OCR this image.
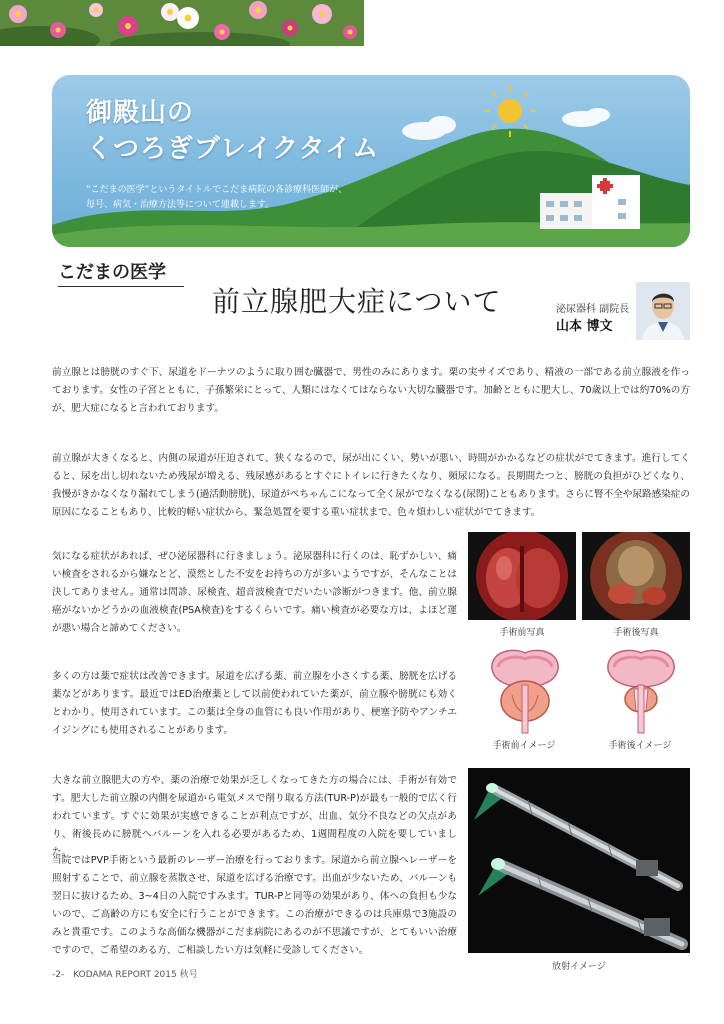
御殿山の
くつろぎブレイクタイム

“こだまの医学”というタイトルでこだま病院の各診療科医師が、
毎号、病気・治療方法等について連載します。

こだまの医学
前立腺肥大症について	泌尿器科 副院長

山本 博文

前立腺とは膀胱のすぐ下、尿道をドーナツのように取り囲む臓器で、男性のみにあります。栗の実サイズであり、精液の一部である前立腺液を作っております。女性の子宮とともに、子孫繁栄にとって、人類にはなくてはならない大切な臓器です。加齢とともに肥大し、70歳以上では約70%の方が、肥大症になると言われております。

前立腺が大きくなると、内側の尿道が圧迫されて、狭くなるので、尿が出にくい、勢いが悪い、時間がかかるなどの症状がでてきます。進行してくると、尿を出し切れないため残尿が増える、残尿感があるとすぐにトイレに行きたくなり、頻尿になる。長期間たつと、膀胱の負担がひどくなり、我慢がきかなくなり漏れてしまう(過活動膀胱)、尿道がぺちゃんこになって全く尿がでなくなる(尿閉)こともあります。さらに腎不全や尿路感染症の原因になることもあり、比較的軽い症状から、緊急処置を要する重い症状まで、色々煩わしい症状がでてきます。

気になる症状があれば、ぜひ泌尿器科に行きましょう。泌尿器科に行くのは、恥ずかしい、痛い検査をされるから嫌なとど、漠然とした不安をお持ちの方が多いようですが、そんなことは決してありません。通常は問診、尿検査、超音波検査でだいたい診断がつきます。他、前立腺癌がないかどうかの血液検査(PSA検査)をするくらいです。痛い検査が必要な方は、よほど運が悪い場合と諦めてください。

多くの方は薬で症状は改善できます。尿道を広げる薬、前立腺を小さくする薬、膀胱を広げる薬などがあります。最近ではED治療薬として以前使われていた薬が、前立腺や膀胱にも効くとわかり、使用されています。この薬は全身の血管にも良い作用があり、梗塞予防やアンチエイジングにも使用されることがあります。

大きな前立腺肥大の方や、薬の治療で効果が乏しくなってきた方の場合には、手術が有効です。肥大した前立腺の内側を尿道から電気メスで削り取る方法(TUR-P)が最も一般的で広く行われています。すぐに効果が実感できることが利点ですが、出血、気分不良などの欠点があり、術後長めに膀胱へバルーンを入れる必要があるため、1週間程度の入院を要していました。

当院ではPVP手術という最新のレーザー治療を行っております。尿道から前立腺へレーザーを照射することで、前立腺を蒸散させ、尿道を広げる治療です。出血が少ないため、バルーンも翌日に抜けるため、3~4日の入院ですみます。TUR-Pと同等の効果があり、体への負担も少ないので、ご高齢の方にも安全に行うことができます。この治療ができるのは兵庫県で3施設のみと貴重です。このような高価な機器がこだま病院にあるのが不思議ですが、とてもいい治療ですので、ご希望のある方、ご相談したい方は気軽に受診してください。

手術前写真	手術後写真

手術前イメージ	手術後イメージ

放射イメージ

-2-　KODAMA REPORT 2015 秋号
